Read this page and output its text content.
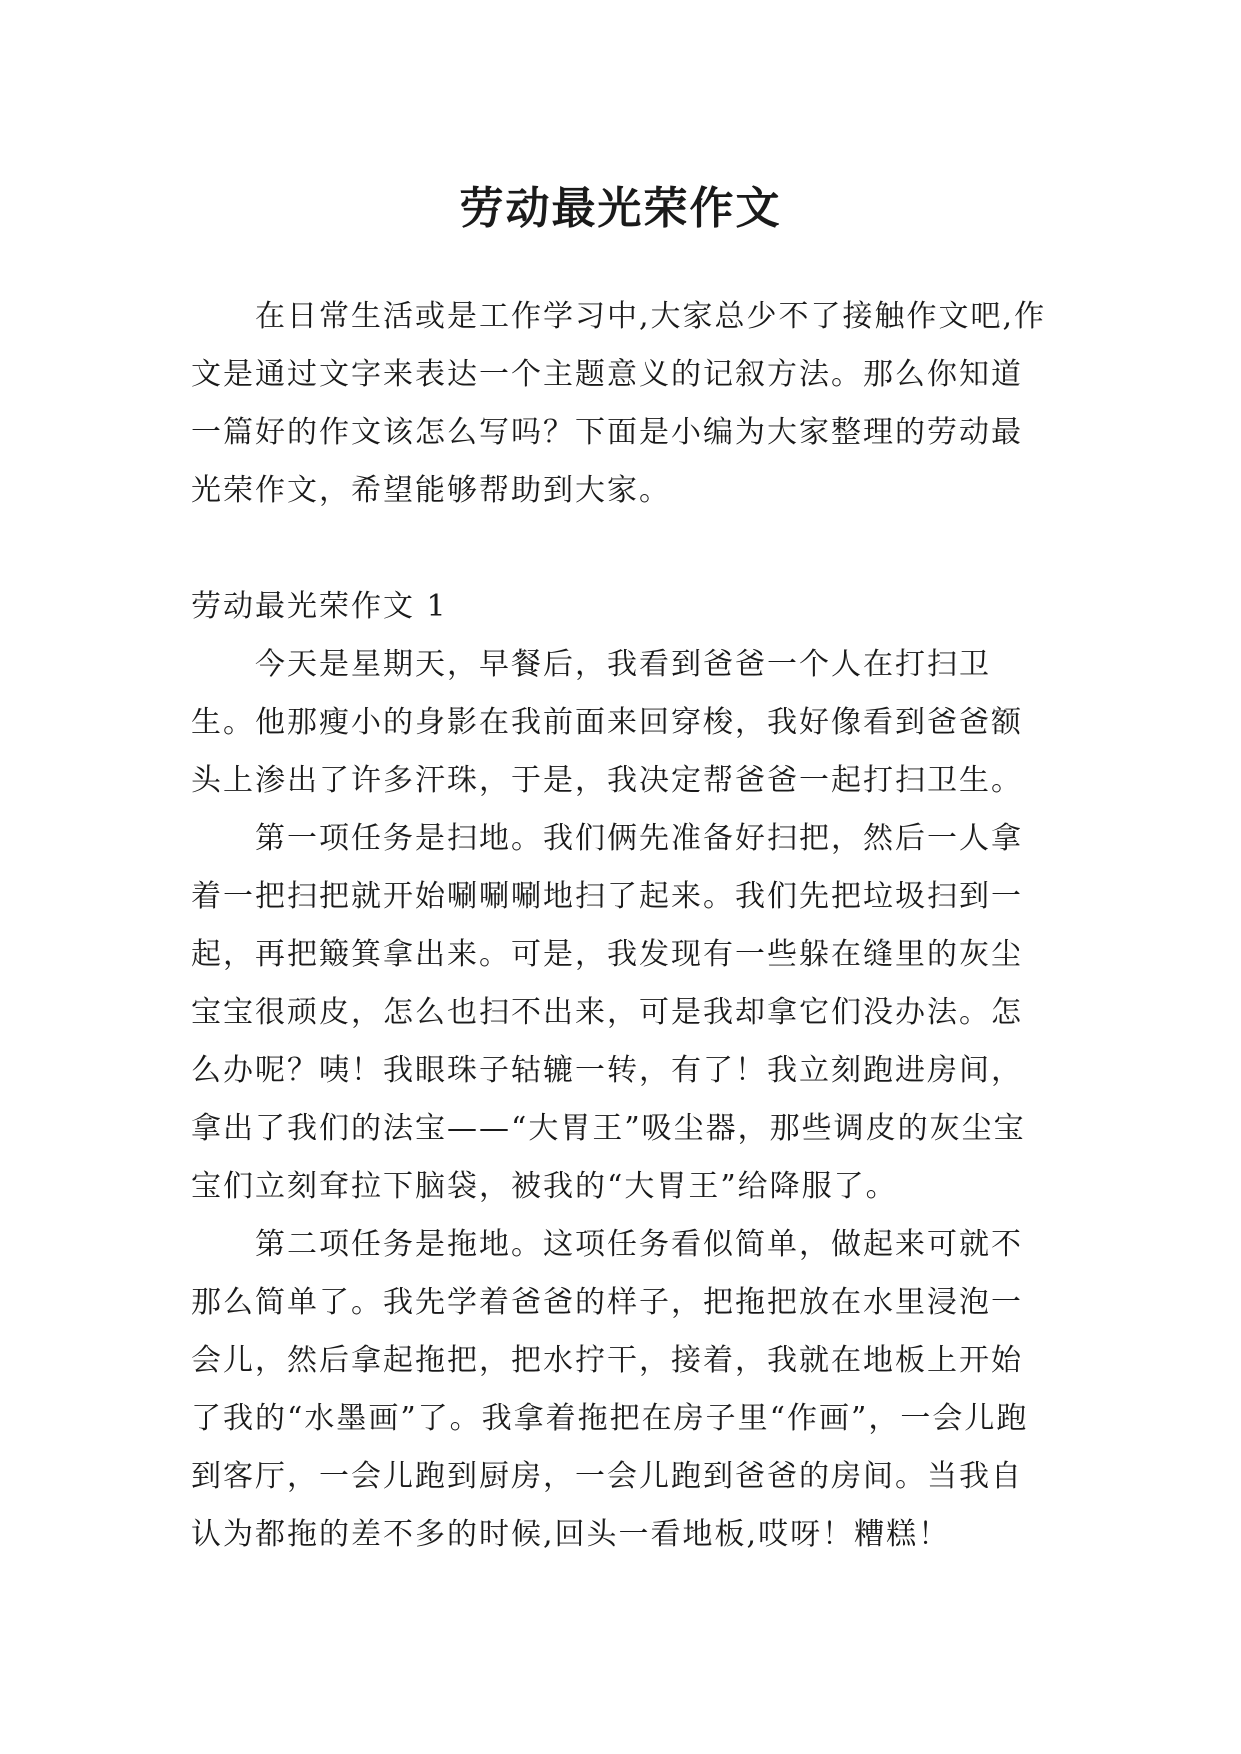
劳动最光荣作文

在日常生活或是工作学习中,大家总少不了接触作文吧,作文是通过文字来表达一个主题意义的记叙方法。那么你知道一篇好的作文该怎么写吗？下面是小编为大家整理的劳动最光荣作文，希望能够帮助到大家。

劳动最光荣作文 1

今天是星期天，早餐后，我看到爸爸一个人在打扫卫生。他那瘦小的身影在我前面来回穿梭，我好像看到爸爸额头上渗出了许多汗珠，于是，我决定帮爸爸一起打扫卫生。

第一项任务是扫地。我们俩先准备好扫把，然后一人拿着一把扫把就开始唰唰唰地扫了起来。我们先把垃圾扫到一起，再把簸箕拿出来。可是，我发现有一些躲在缝里的灰尘宝宝很顽皮，怎么也扫不出来，可是我却拿它们没办法。怎么办呢？咦！我眼珠子轱辘一转，有了！我立刻跑进房间，拿出了我们的法宝——“大胃王”吸尘器，那些调皮的灰尘宝宝们立刻耷拉下脑袋，被我的“大胃王”给降服了。

第二项任务是拖地。这项任务看似简单，做起来可就不那么简单了。我先学着爸爸的样子，把拖把放在水里浸泡一会儿，然后拿起拖把，把水拧干，接着，我就在地板上开始了我的“水墨画”了。我拿着拖把在房子里“作画”，一会儿跑到客厅，一会儿跑到厨房，一会儿跑到爸爸的房间。当我自认为都拖的差不多的时候,回头一看地板,哎呀！糟糕！
